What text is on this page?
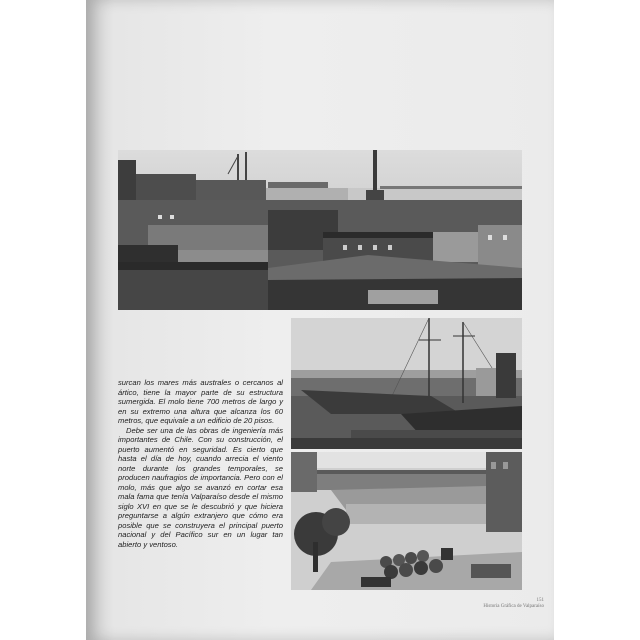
surcan los mares más australes o cercanos al ártico, tiene la mayor parte de su estructura sumergida. El molo tiene 700 metros de largo y en su extremo una altura que alcanza los 60 metros, que equivale a un edificio de 20 pisos.

Debe ser una de las obras de ingeniería más importantes de Chile. Con su construcción, el puerto aumentó en seguridad. Es cierto que hasta el día de hoy, cuando arrecia el viento norte durante los grandes temporales, se producen naufragios de importancia. Pero con el molo, más que algo se avanzó en cortar esa mala fama que tenía Valparaíso desde el mismo siglo XVI en que se le descubrió y que hiciera preguntarse a algún extranjero que cómo era posible que se construyera el principal puerto nacional y del Pacífico sur en un lugar tan abierto y ventoso.

151
Historia Gráfica de Valparaíso
